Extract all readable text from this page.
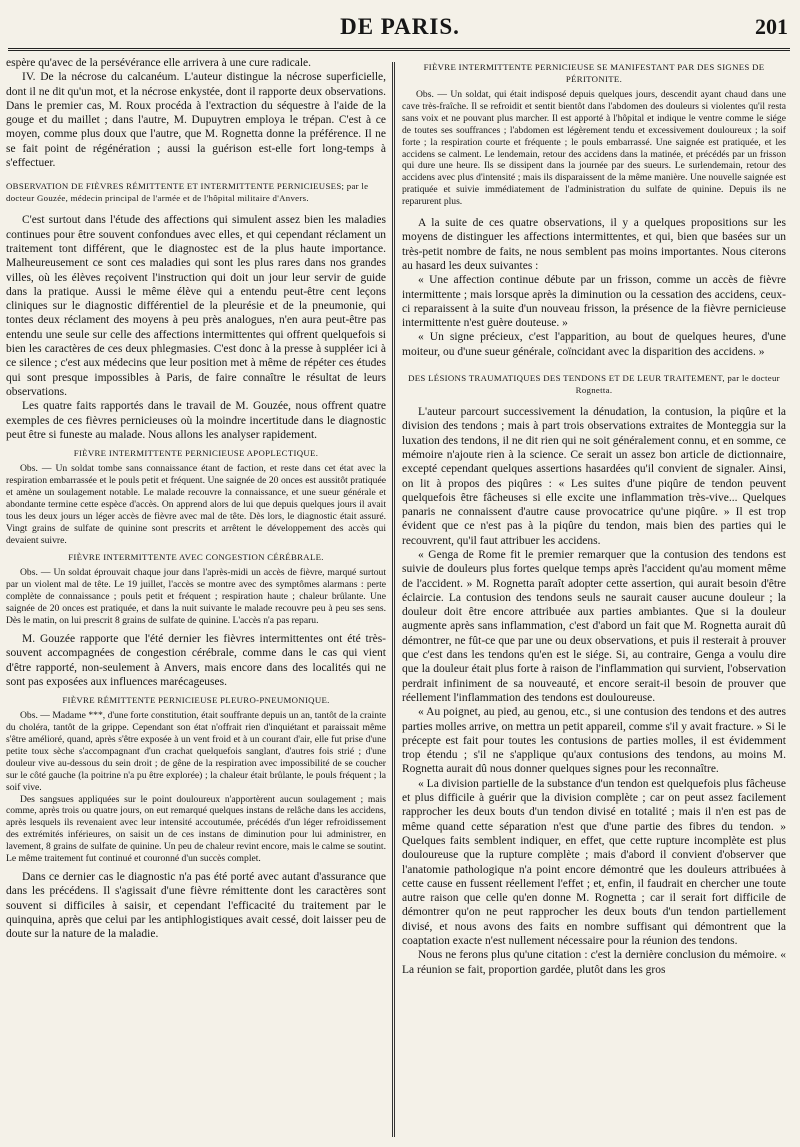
DE PARIS.	201

espère qu'avec de la persévérance elle arrivera à une cure radicale.

IV. De la nécrose du calcanéum. L'auteur distingue la nécrose superficielle, dont il ne dit qu'un mot, et la nécrose enkystée, dont il rapporte deux observations. Dans le premier cas, M. Roux procéda à l'extraction du séquestre à l'aide de la gouge et du maillet ; dans l'autre, M. Dupuytren employa le trépan. C'est à ce moyen, comme plus doux que l'autre, que M. Rognetta donne la préférence. Il ne se fait point de régénération ; aussi la guérison est-elle fort long-temps à s'effectuer.

OBSERVATION DE FIÈVRES RÉMITTENTE ET INTERMITTENTE PERNICIEUSES; par le docteur Gouzée, médecin principal de l'armée et de l'hôpital militaire d'Anvers.

C'est surtout dans l'étude des affections qui simulent assez bien les maladies continues pour être souvent confondues avec elles, et qui cependant réclament un traitement tont différent, que le diagnostec est de la plus haute importance. Malheureusement ce sont ces maladies qui sont les plus rares dans nos grandes villes, où les élèves reçoivent l'instruction qui doit un jour leur servir de guide dans la pratique. Aussi le même élève qui a entendu peut-être cent leçons cliniques sur le diagnostic différentiel de la pleurésie et de la pneumonie, qui tontes deux réclament des moyens à peu près analogues, n'en aura peut-être pas entendu une seule sur celle des affections intermittentes qui offrent quelquefois si bien les caractères de ces deux phlegmasies. C'est donc à la presse à suppléer ici à ce silence ; c'est aux médecins que leur position met à même de répéter ces études qui sont presque impossibles à Paris, de faire connaître le résultat de leurs observations.

Les quatre faits rapportés dans le travail de M. Gouzée, nous offrent quatre exemples de ces fièvres pernicieuses où la moindre incertitude dans le diagnostic peut être si funeste au malade. Nous allons les analyser rapidement.

FIÈVRE INTERMITTENTE PERNICIEUSE APOPLECTIQUE.

Obs. — Un soldat tombe sans connaissance étant de faction, et reste dans cet état avec la respiration embarrassée et le pouls petit et fréquent. Une saignée de 20 onces est aussitôt pratiquée et amène un soulagement notable. Le malade recouvre la connaissance, et une sueur générale et abondante termine cette espèce d'accès. On apprend alors de lui que depuis quelques jours il avait tous les deux jours un léger accès de fièvre avec mal de tête. Dès lors, le diagnostic était assuré. Vingt grains de sulfate de quinine sont prescrits et arrêtent le développement des accès qui devaient suivre.

FIÈVRE INTERMITTENTE AVEC CONGESTION CÉRÉBRALE.

Obs. — Un soldat éprouvait chaque jour dans l'après-midi un accès de fièvre, marqué surtout par un violent mal de tête. Le 19 juillet, l'accès se montre avec des symptômes alarmans : perte complète de connaissance ; pouls petit et fréquent ; respiration haute ; chaleur brûlante. Une saignée de 20 onces est pratiquée, et dans la nuit suivante le malade recouvre peu à peu ses sens. Dès le matin, on lui prescrit 8 grains de sulfate de quinine. L'accès n'a pas reparu.

M. Gouzée rapporte que l'été dernier les fièvres intermittentes ont été très-souvent accompagnées de congestion cérébrale, comme dans le cas qui vient d'être rapporté, non-seulement à Anvers, mais encore dans des localités qui ne sont pas exposées aux influences marécageuses.

FIÈVRE RÉMITTENTE PERNICIEUSE PLEURO-PNEUMONIQUE.

Obs. — Madame ***, d'une forte constitution, était souffrante depuis un an, tantôt de la crainte du choléra, tantôt de la grippe. Cependant son état n'offrait rien d'inquiétant et paraissait même s'être amélioré, quand, après s'être exposée à un vent froid et à un courant d'air, elle fut prise d'une petite toux sèche s'accompagnant d'un crachat quelquefois sanglant, d'autres fois strié ; d'une douleur vive au-dessous du sein droit ; de gêne de la respiration avec impossibilité de se coucher sur le côté gauche (la poitrine n'a pu être explorée) ; la chaleur était brûlante, le pouls fréquent ; la soif vive.

Des sangsues appliquées sur le point douloureux n'apportèrent aucun soulagement ; mais comme, après trois ou quatre jours, on eut remarqué quelques instans de relâche dans les accidens, après lesquels ils revenaient avec leur intensité accoutumée, précédés d'un léger refroidissement des extrémités inférieures, on saisit un de ces instans de diminution pour lui administrer, en lavement, 8 grains de sulfate de quinine. Un peu de chaleur revint encore, mais le calme se soutint. Le même traitement fut continué et couronné d'un succès complet.

Dans ce dernier cas le diagnostic n'a pas été porté avec autant d'assurance que dans les précédens. Il s'agissait d'une fièvre rémittente dont les caractères sont souvent si difficiles à saisir, et cependant l'efficacité du traitement par le quinquina, après que celui par les antiphlogistiques avait cessé, doit laisser peu de doute sur la nature de la maladie.

FIÈVRE INTERMITTENTE PERNICIEUSE SE MANIFESTANT PAR DES SIGNES DE PÉRITONITE.

Obs. — Un soldat, qui était indisposé depuis quelques jours, descendit ayant chaud dans une cave très-fraîche. Il se refroidit et sentit bientôt dans l'abdomen des douleurs si violentes qu'il resta sans voix et ne pouvant plus marcher. Il est apporté à l'hôpital et indique le ventre comme le siége de toutes ses souffrances ; l'abdomen est légèrement tendu et excessivement douloureux ; la soif forte ; la respiration courte et fréquente ; le pouls embarrassé. Une saignée est pratiquée, et les accidens se calment. Le lendemain, retour des accidens dans la matinée, et précédés par un frisson qui dure une heure. Ils se dissipent dans la journée par des sueurs. Le surlendemain, retour des accidens avec plus d'intensité ; mais ils disparaissent de la même manière. Une nouvelle saignée est pratiquée et suivie immédiatement de l'administration du sulfate de quinine. Depuis ils ne reparurent plus.

A la suite de ces quatre observations, il y a quelques propositions sur les moyens de distinguer les affections intermittentes, et qui, bien que basées sur un très-petit nombre de faits, ne nous semblent pas moins importantes. Nous citerons au hasard les deux suivantes :

« Une affection continue débute par un frisson, comme un accès de fièvre intermittente ; mais lorsque après la diminution ou la cessation des accidens, ceux-ci reparaissent à la suite d'un nouveau frisson, la présence de la fièvre pernicieuse intermittente n'est guère douteuse. »

« Un signe précieux, c'est l'apparition, au bout de quelques heures, d'une moiteur, ou d'une sueur générale, coïncidant avec la disparition des accidens. »

DES LÉSIONS TRAUMATIQUES DES TENDONS ET DE LEUR TRAITEMENT, par le docteur Rognetta.

L'auteur parcourt successivement la dénudation, la contusion, la piqûre et la division des tendons ; mais à part trois observations extraites de Monteggia sur la luxation des tendons, il ne dit rien qui ne soit généralement connu, et en somme, ce mémoire n'ajoute rien à la science. Ce serait un assez bon article de dictionnaire, excepté cependant quelques assertions hasardées qu'il convient de signaler. Ainsi, on lit à propos des piqûres : « Les suites d'une piqûre de tendon peuvent quelquefois être fâcheuses si elle excite une inflammation très-vive... Quelques panaris ne connaissent d'autre cause provocatrice qu'une piqûre. » Il est trop évident que ce n'est pas à la piqûre du tendon, mais bien des parties qui le recouvrent, qu'il faut attribuer les accidens.

« Genga de Rome fit le premier remarquer que la contusion des tendons est suivie de douleurs plus fortes quelque temps après l'accident qu'au moment même de l'accident. » M. Rognetta paraît adopter cette assertion, qui aurait besoin d'être éclaircie. La contusion des tendons seuls ne saurait causer aucune douleur ; la douleur doit être encore attribuée aux parties ambiantes. Que si la douleur augmente après sans inflammation, c'est d'abord un fait que M. Rognetta aurait dû démontrer, ne fût-ce que par une ou deux observations, et puis il resterait à prouver que c'est dans les tendons qu'en est le siége. Si, au contraire, Genga a voulu dire que la douleur était plus forte à raison de l'inflammation qui survient, l'observation perdrait infiniment de sa nouveauté, et encore serait-il besoin de prouver que réellement l'inflammation des tendons est douloureuse.

« Au poignet, au pied, au genou, etc., si une contusion des tendons et des autres parties molles arrive, on mettra un petit appareil, comme s'il y avait fracture. » Si le précepte est fait pour toutes les contusions de parties molles, il est évidemment trop étendu ; s'il ne s'applique qu'aux contusions des tendons, au moins M. Rognetta aurait dû nous donner quelques signes pour les reconnaître.

« La division partielle de la substance d'un tendon est quelquefois plus fâcheuse et plus difficile à guérir que la division complète ; car on peut assez facilement rapprocher les deux bouts d'un tendon divisé en totalité ; mais il n'en est pas de même quand cette séparation n'est que d'une partie des fibres du tendon. » Quelques faits semblent indiquer, en effet, que cette rupture incomplète est plus douloureuse que la rupture complète ; mais d'abord il convient d'observer que l'anatomie pathologique n'a point encore démontré que les douleurs attribuées à cette cause en fussent réellement l'effet ; et, enfin, il faudrait en chercher une toute autre raison que celle qu'en donne M. Rognetta ; car il serait fort difficile de démontrer qu'on ne peut rapprocher les deux bouts d'un tendon partiellement divisé, et nous avons des faits en nombre suffisant qui démontrent que la coaptation exacte n'est nullement nécessaire pour la réunion des tendons.

Nous ne ferons plus qu'une citation : c'est la dernière conclusion du mémoire. « La réunion se fait, proportion gardée, plutôt dans les gros
